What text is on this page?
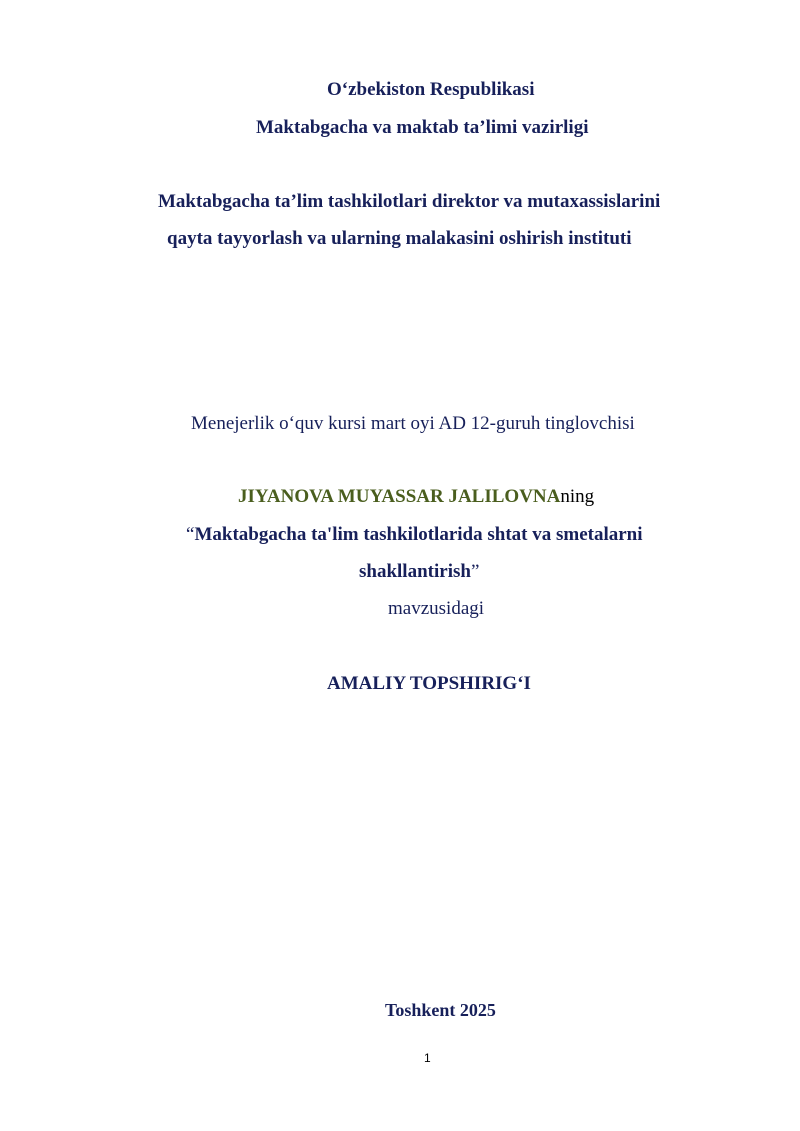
O‘zbekiston Respublikasi
Maktabgacha va maktab ta’limi vazirligi
Maktabgacha ta’lim tashkilotlari direktor va mutaxassislarini
qayta tayyorlash va ularning malakasini oshirish instituti
Menejerlik o‘quv kursi mart oyi AD 12-guruh tinglovchisi
JIYANOVA MUYASSAR JALILOVNAning
“Maktabgacha ta'lim tashkilotlarida shtat va smetalarni
shakllantirish”
mavzusidagi
AMALIY TOPSHIRIG‘I
Toshkent 2025
1
